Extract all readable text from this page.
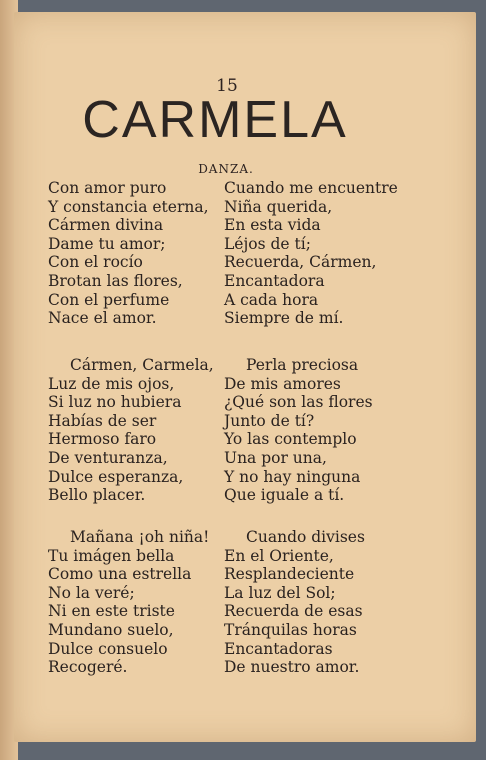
15
CARMELA
DANZA.
Con amor puro
Y constancia eterna,
Cármen divina
Dame tu amor;
Con el rocío
Brotan las flores,
Con el perfume
Nace el amor.
Cuando me encuentre
Niña querida,
En esta vida
Léjos de tí;
Recuerda, Cármen,
Encantadora
A cada hora
Siempre de mí.
Cármen, Carmela,
Luz de mis ojos,
Si luz no hubiera
Habías de ser
Hermoso faro
De venturanza,
Dulce esperanza,
Bello placer.
Perla preciosa
De mis amores
¿Qué son las flores
Junto de tí?
Yo las contemplo
Una por una,
Y no hay ninguna
Que iguale a tí.
Mañana ¡oh niña!
Tu imágen bella
Como una estrella
No la veré;
Ni en este triste
Mundano suelo,
Dulce consuelo
Recogeré.
Cuando divises
En el Oriente,
Resplandeciente
La luz del Sol;
Recuerda de esas
Tránquilas horas
Encantadoras
De nuestro amor.
